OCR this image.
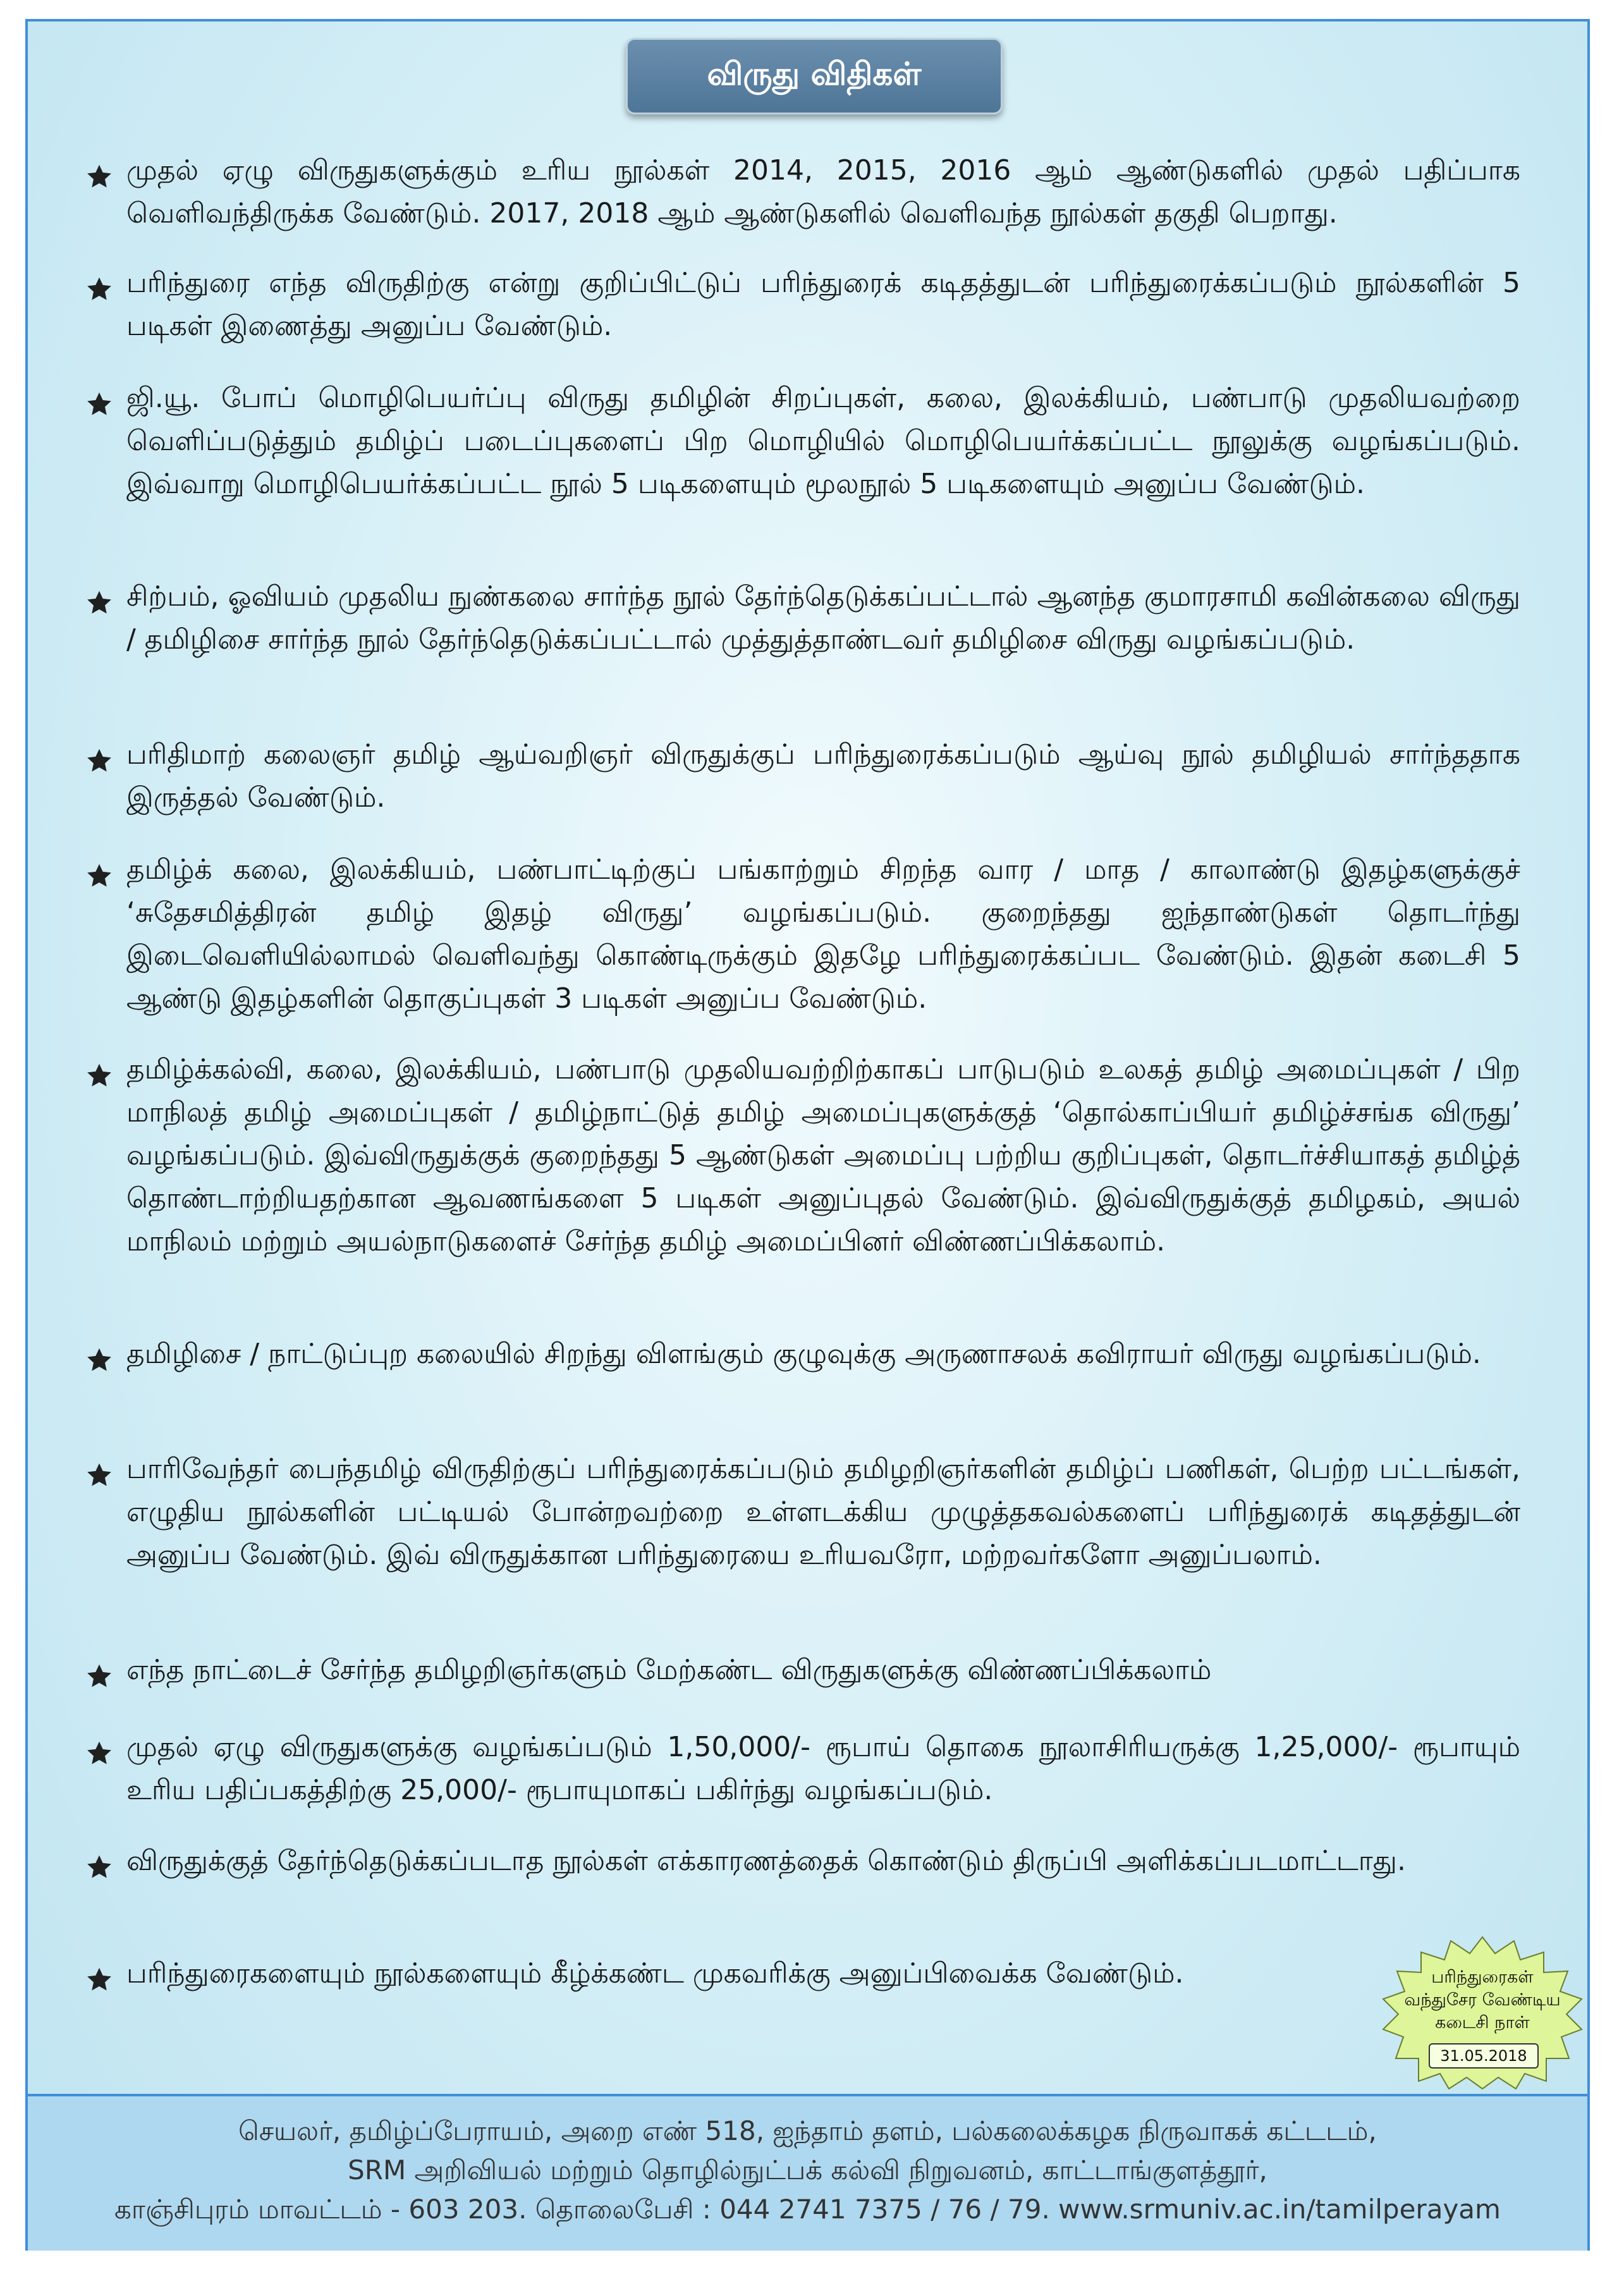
விருது விதிகள்

முதல் ஏழு விருதுகளுக்கும் உரிய நூல்கள் 2014, 2015, 2016 ஆம் ஆண்டுகளில் முதல் பதிப்பாக வெளிவந்திருக்க வேண்டும். 2017, 2018 ஆம் ஆண்டுகளில் வெளிவந்த நூல்கள் தகுதி பெறாது.

பரிந்துரை எந்த விருதிற்கு என்று குறிப்பிட்டுப் பரிந்துரைக் கடிதத்துடன் பரிந்துரைக்கப்படும் நூல்களின் 5 படிகள் இணைத்து அனுப்ப வேண்டும்.

ஜி.யூ. போப் மொழிபெயர்ப்பு விருது தமிழின் சிறப்புகள், கலை, இலக்கியம், பண்பாடு முதலியவற்றை வெளிப்படுத்தும் தமிழ்ப் படைப்புகளைப் பிற மொழியில் மொழிபெயர்க்கப்பட்ட நூலுக்கு வழங்கப்படும். இவ்வாறு மொழிபெயர்க்கப்பட்ட நூல் 5 படிகளையும் மூலநூல் 5 படிகளையும் அனுப்ப வேண்டும்.

சிற்பம், ஓவியம் முதலிய நுண்கலை சார்ந்த நூல் தேர்ந்தெடுக்கப்பட்டால் ஆனந்த குமாரசாமி கவின்கலை விருது / தமிழிசை சார்ந்த நூல் தேர்ந்தெடுக்கப்பட்டால் முத்துத்தாண்டவர் தமிழிசை விருது வழங்கப்படும்.

பரிதிமாற் கலைஞர் தமிழ் ஆய்வறிஞர் விருதுக்குப் பரிந்துரைக்கப்படும் ஆய்வு நூல் தமிழியல் சார்ந்ததாக இருத்தல் வேண்டும்.

தமிழ்க் கலை, இலக்கியம், பண்பாட்டிற்குப் பங்காற்றும் சிறந்த வார / மாத / காலாண்டு இதழ்களுக்குச் ‘சுதேசமித்திரன் தமிழ் இதழ் விருது’ வழங்கப்படும். குறைந்தது ஐந்தாண்டுகள் தொடர்ந்து இடைவெளியில்லாமல் வெளிவந்து கொண்டிருக்கும் இதழே பரிந்துரைக்கப்பட வேண்டும். இதன் கடைசி 5 ஆண்டு இதழ்களின் தொகுப்புகள் 3 படிகள் அனுப்ப வேண்டும்.

தமிழ்க்கல்வி, கலை, இலக்கியம், பண்பாடு முதலியவற்றிற்காகப் பாடுபடும் உலகத் தமிழ் அமைப்புகள் / பிற மாநிலத் தமிழ் அமைப்புகள் / தமிழ்நாட்டுத் தமிழ் அமைப்புகளுக்குத் ‘தொல்காப்பியர் தமிழ்ச்சங்க விருது’ வழங்கப்படும். இவ்விருதுக்குக் குறைந்தது 5 ஆண்டுகள் அமைப்பு பற்றிய குறிப்புகள், தொடர்ச்சியாகத் தமிழ்த் தொண்டாற்றியதற்கான ஆவணங்களை 5 படிகள் அனுப்புதல் வேண்டும். இவ்விருதுக்குத் தமிழகம், அயல் மாநிலம் மற்றும் அயல்நாடுகளைச் சேர்ந்த தமிழ் அமைப்பினர் விண்ணப்பிக்கலாம்.

தமிழிசை / நாட்டுப்புற கலையில் சிறந்து விளங்கும் குழுவுக்கு அருணாசலக் கவிராயர் விருது வழங்கப்படும்.

பாரிவேந்தர் பைந்தமிழ் விருதிற்குப் பரிந்துரைக்கப்படும் தமிழறிஞர்களின் தமிழ்ப் பணிகள், பெற்ற பட்டங்கள், எழுதிய நூல்களின் பட்டியல் போன்றவற்றை உள்ளடக்கிய முழுத்தகவல்களைப் பரிந்துரைக் கடிதத்துடன் அனுப்ப வேண்டும். இவ் விருதுக்கான பரிந்துரையை உரியவரோ, மற்றவர்களோ அனுப்பலாம்.

எந்த நாட்டைச் சேர்ந்த தமிழறிஞர்களும் மேற்கண்ட விருதுகளுக்கு விண்ணப்பிக்கலாம்

முதல் ஏழு விருதுகளுக்கு வழங்கப்படும் 1,50,000/- ரூபாய் தொகை நூலாசிரியருக்கு 1,25,000/- ரூபாயும் உரிய பதிப்பகத்திற்கு 25,000/- ரூபாயுமாகப் பகிர்ந்து வழங்கப்படும்.

விருதுக்குத் தேர்ந்தெடுக்கப்படாத நூல்கள் எக்காரணத்தைக் கொண்டும் திருப்பி அளிக்கப்படமாட்டாது.

பரிந்துரைகளையும் நூல்களையும் கீழ்க்கண்ட முகவரிக்கு அனுப்பிவைக்க வேண்டும்.	பரிந்துரைகள்
வந்துசேர வேண்டிய
கடைசி நாள்
31.05.2018

செயலர், தமிழ்ப்பேராயம், அறை எண் 518, ஐந்தாம் தளம், பல்கலைக்கழக நிருவாகக் கட்டடம்,

SRM அறிவியல் மற்றும் தொழில்நுட்பக் கல்வி நிறுவனம், காட்டாங்குளத்தூர்,

காஞ்சிபுரம் மாவட்டம் - 603 203. தொலைபேசி : 044 2741 7375 / 76 / 79. www.srmuniv.ac.in/tamilperayam
